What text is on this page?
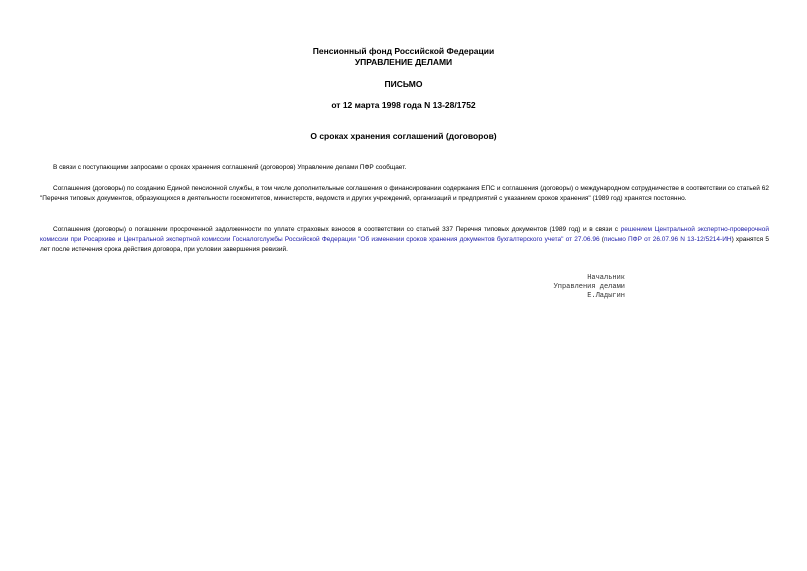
Пенсионный фонд Российской Федерации
УПРАВЛЕНИЕ ДЕЛАМИ
ПИСЬМО
от 12 марта 1998 года N 13-28/1752
О сроках хранения соглашений (договоров)
В связи с поступающими запросами о сроках хранения соглашений (договоров) Управление делами ПФР сообщает.
Соглашения (договоры) по созданию Единой пенсионной службы, в том числе дополнительные соглашения о финансировании содержания ЕПС и соглашения (договоры) о международном сотрудничестве в соответствии со статьей 62 "Перечня типовых документов, образующихся в деятельности госкомитетов, министерств, ведомств и других учреждений, организаций и предприятий с указанием сроков хранения" (1989 год) хранятся постоянно.
Соглашения (договоры) о погашении просроченной задолженности по уплате страховых взносов в соответствии со статьей 337 Перечня типовых документов (1989 год) и в связи с решением Центральной экспертно-проверочной комиссии при Росархиве и Центральной экспертной комиссии Госналогслужбы Российской Федерации "Об изменении сроков хранения документов бухгалтерского учета" от 27.06.96 (письмо ПФР от 26.07.96 N 13-12/5214-ИН) хранятся 5 лет после истечения срока действия договора, при условии завершения ревизий.
Начальник
Управления делами
Е.Ладыгин
